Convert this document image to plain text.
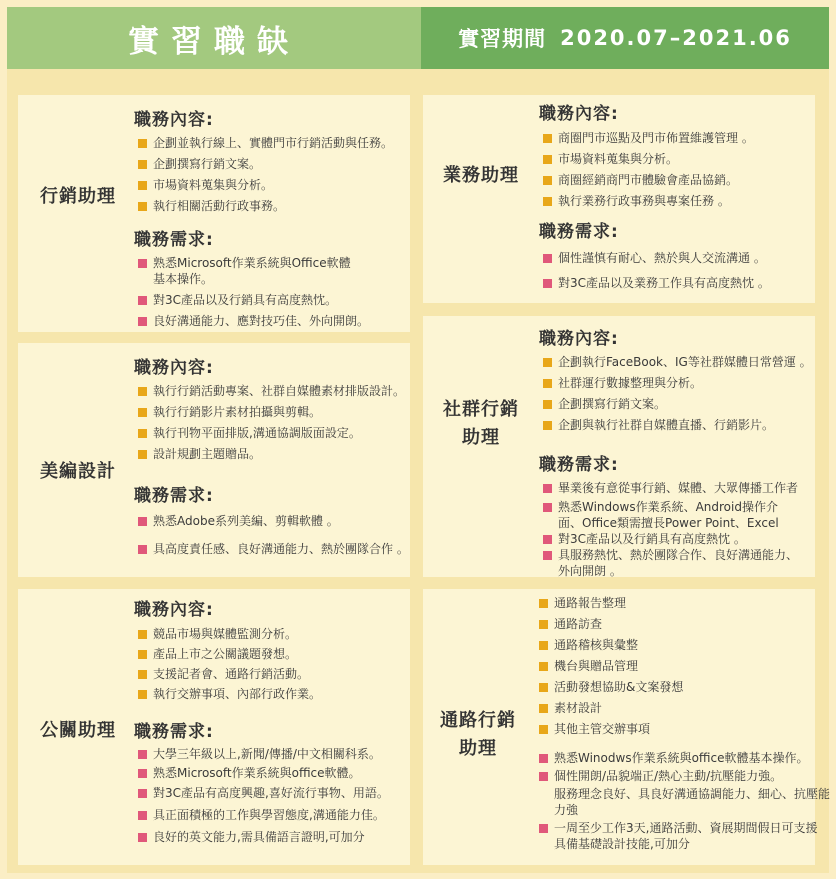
實習職缺	實習期間 2020.07–2021.06
行銷助理
職務內容:
企劃並執行線上、實體門市行銷活動與任務。
企劃撰寫行銷文案。
市場資料蒐集與分析。
執行相關活動行政事務。
職務需求:
熟悉Microsoft作業系統與Office軟體
基本操作。
對3C產品以及行銷具有高度熱忱。
良好溝通能力、應對技巧佳、外向開朗。
業務助理
職務內容:
商圈門市巡點及門市佈置維護管理 。
市場資料蒐集與分析。
商圈經銷商門市體驗會產品協銷。
執行業務行政事務與專案任務 。
職務需求:
個性謹慎有耐心、熱於與人交流溝通 。
對3C產品以及業務工作具有高度熱忱 。
美編設計
職務內容:
執行行銷活動專案、社群自媒體素材排版設計。
執行行銷影片素材拍攝與剪輯。
執行刊物平面排版,溝通協調版面設定。
設計規劃主題贈品。
職務需求:
熟悉Adobe系列美編、剪輯軟體 。
具高度責任感、良好溝通能力、熱於團隊合作 。
社群行銷
助理
職務內容:
企劃執行FaceBook、IG等社群媒體日常營運 。
社群運行數據整理與分析。
企劃撰寫行銷文案。
企劃與執行社群自媒體直播、行銷影片。
職務需求:
畢業後有意從事行銷、媒體、大眾傳播工作者
熟悉Windows作業系統、Android操作介
面、Office類需擅長Power Point、Excel
對3C產品以及行銷具有高度熱忱 。
具服務熱忱、熱於團隊合作、良好溝通能力、
外向開朗 。
公關助理
職務內容:
競品市場與媒體監測分析。
產品上市之公關議題發想。
支援記者會、通路行銷活動。
執行交辦事項、內部行政作業。
職務需求:
大學三年級以上,新聞/傳播/中文相關科系。
熟悉Microsoft作業系統與office軟體。
對3C產品有高度興趣,喜好流行事物、用語。
具正面積極的工作與學習態度,溝通能力佳。
良好的英文能力,需具備語言證明,可加分
通路行銷
助理
通路報告整理
通路訪查
通路稽核與彙整
機台與贈品管理
活動發想協助&文案發想
素材設計
其他主管交辦事項
熟悉Winodws作業系統與office軟體基本操作。
個性開朗/品貌端正/熱心主動/抗壓能力強。
服務理念良好、具良好溝通協調能力、細心、抗壓能
力強
一周至少工作3天,通路活動、資展期間假日可支援
具備基礎設計技能,可加分
